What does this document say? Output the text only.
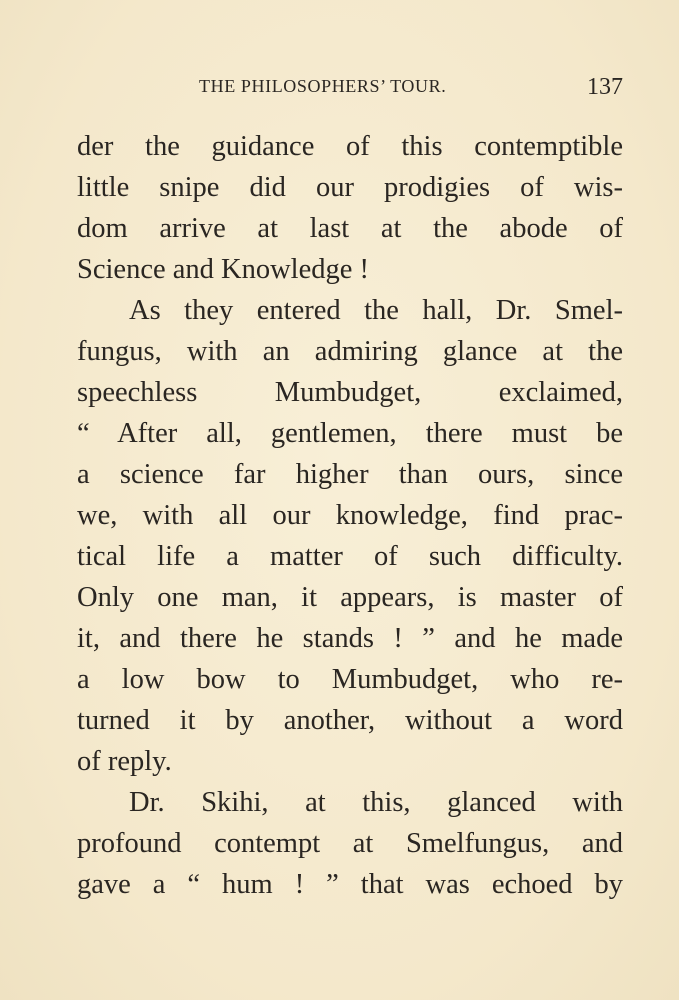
THE PHILOSOPHERS’ TOUR.	137
der the guidance of this contemptible
little snipe did our prodigies of wis-
dom arrive at last at the abode of
Science and Knowledge !
As they entered the hall, Dr. Smel-
fungus, with an admiring glance at the
speechless Mumbudget, exclaimed,
“ After all, gentlemen, there must be
a science far higher than ours, since
we, with all our knowledge, find prac-
tical life a matter of such difficulty.
Only one man, it appears, is master of
it, and there he stands ! ” and he made
a low bow to Mumbudget, who re-
turned it by another, without a word
of reply.
Dr. Skihi, at this, glanced with
profound contempt at Smelfungus, and
gave a “ hum ! ” that was echoed by
